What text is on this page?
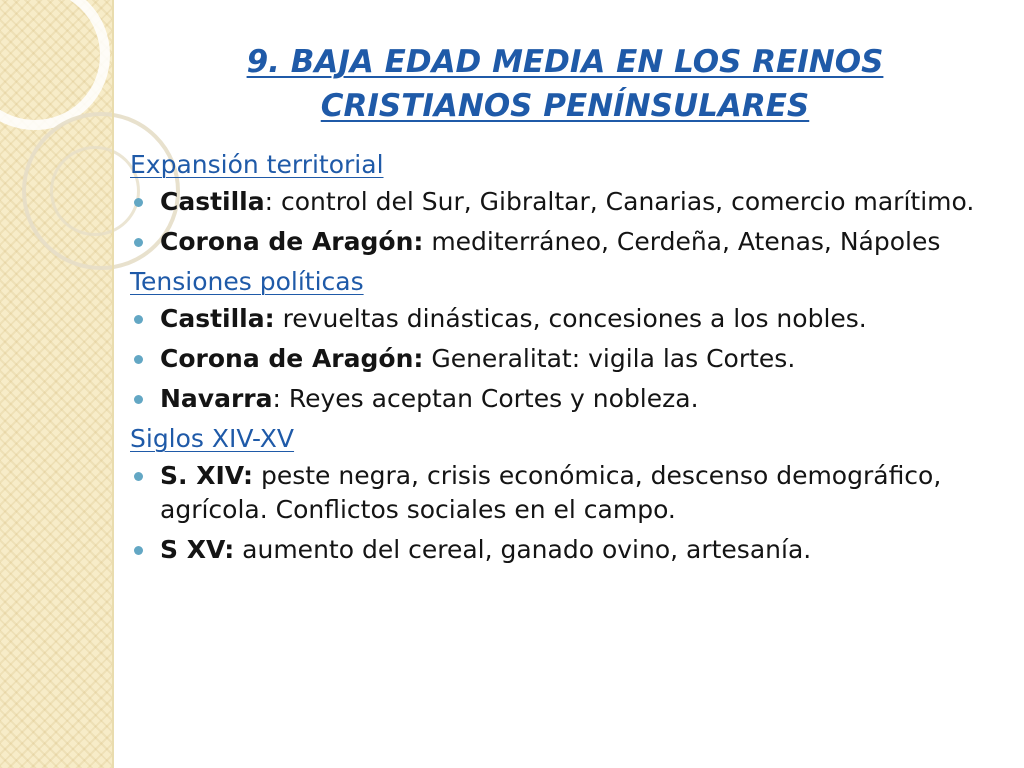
9. BAJA EDAD MEDIA EN LOS REINOS
CRISTIANOS PENÍNSULARES
Expansión territorial
Castilla: control del Sur, Gibraltar, Canarias, comercio marítimo.
Corona de Aragón: mediterráneo, Cerdeña, Atenas, Nápoles
Tensiones políticas
Castilla: revueltas dinásticas, concesiones a los nobles.
Corona de Aragón: Generalitat: vigila las Cortes.
Navarra: Reyes aceptan Cortes y nobleza.
Siglos XIV-XV
S. XIV: peste negra, crisis económica, descenso demográfico, agrícola. Conflictos sociales en el campo.
S XV: aumento del cereal, ganado ovino, artesanía.
